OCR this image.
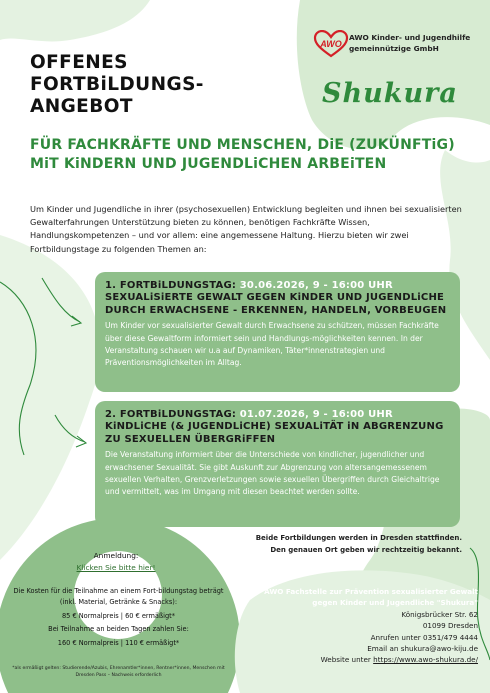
AWO
AWO Kinder- und Jugendhilfe gemeinnützige GmbH
Shukura
OFFENES FORTBiLDUNGS-ANGEBOT
FÜR FACHKRÄFTE UND MENSCHEN, DiE (ZUKÜNFTiG) MiT KiNDERN UND JUGENDLiCHEN ARBEiTEN
Um Kinder und Jugendliche in ihrer (psychosexuellen) Entwicklung begleiten und ihnen bei sexualisierten Gewalterfahrungen Unterstützung bieten zu können, benötigen Fachkräfte Wissen, Handlungskompetenzen – und vor allem: eine angemessene Haltung. Hierzu bieten wir zwei Fortbildungstage zu folgenden Themen an:
1. FORTBiLDUNGSTAG: 30.06.2026, 9 - 16:00 UHR
SEXUALiSiERTE GEWALT GEGEN KiNDER UND JUGENDLiCHE DURCH ERWACHSENE - ERKENNEN, HANDELN, VORBEUGEN
Um Kinder vor sexualisierter Gewalt durch Erwachsene zu schützen, müssen Fachkräfte über diese Gewaltform informiert sein und Handlungs-möglichkeiten kennen. In der Veranstaltung schauen wir u.a auf Dynamiken, Täter*innenstrategien und Präventionsmöglichkeiten im Alltag.
2. FORTBiLDUNGSTAG: 01.07.2026, 9 - 16:00 UHR
KiNDLiCHE (& JUGENDLiCHE) SEXUALiTÄT iN ABGRENZUNG ZU SEXUELLEN ÜBERGRiFFEN
Die Veranstaltung informiert über die Unterschiede von kindlicher, jugendlicher und erwachsener Sexualität. Sie gibt Auskunft zur Abgrenzung von altersangemessenem sexuellen Verhalten, Grenzverletzungen sowie sexuellen Übergriffen durch Gleichaltrige und vermittelt, was im Umgang mit diesen beachtet werden sollte.
Beide Fortbildungen werden in Dresden stattfinden.
Den genauen Ort geben wir rechtzeitig bekannt.
Anmeldung:
Klicken Sie bitte hier!

Die Kosten für die Teilnahme an einem Fort-bildungstag beträgt (inkl. Material, Getränke & Snacks):

85 € Normalpreis | 60 € ermäßigt*

Bei Teilnahme an beiden Tagen zahlen Sie:

160 € Normalpreis | 110 € ermäßigt*

*als ermäßigt gelten: Studierende/Azubis, Ehrenamtler*innen, Rentner*innen, Menschen mit Dresden Pass – Nachweis erforderlich
AWO Fachstelle zur Prävention sexualisierter Gewalt
gegen Kinder und Jugendliche "Shukura"
Königsbrücker Str. 62
01099 Dresden
Anrufen unter 0351/479 4444
Email an shukura@awo-kiju.de
Website unter https://www.awo-shukura.de/
